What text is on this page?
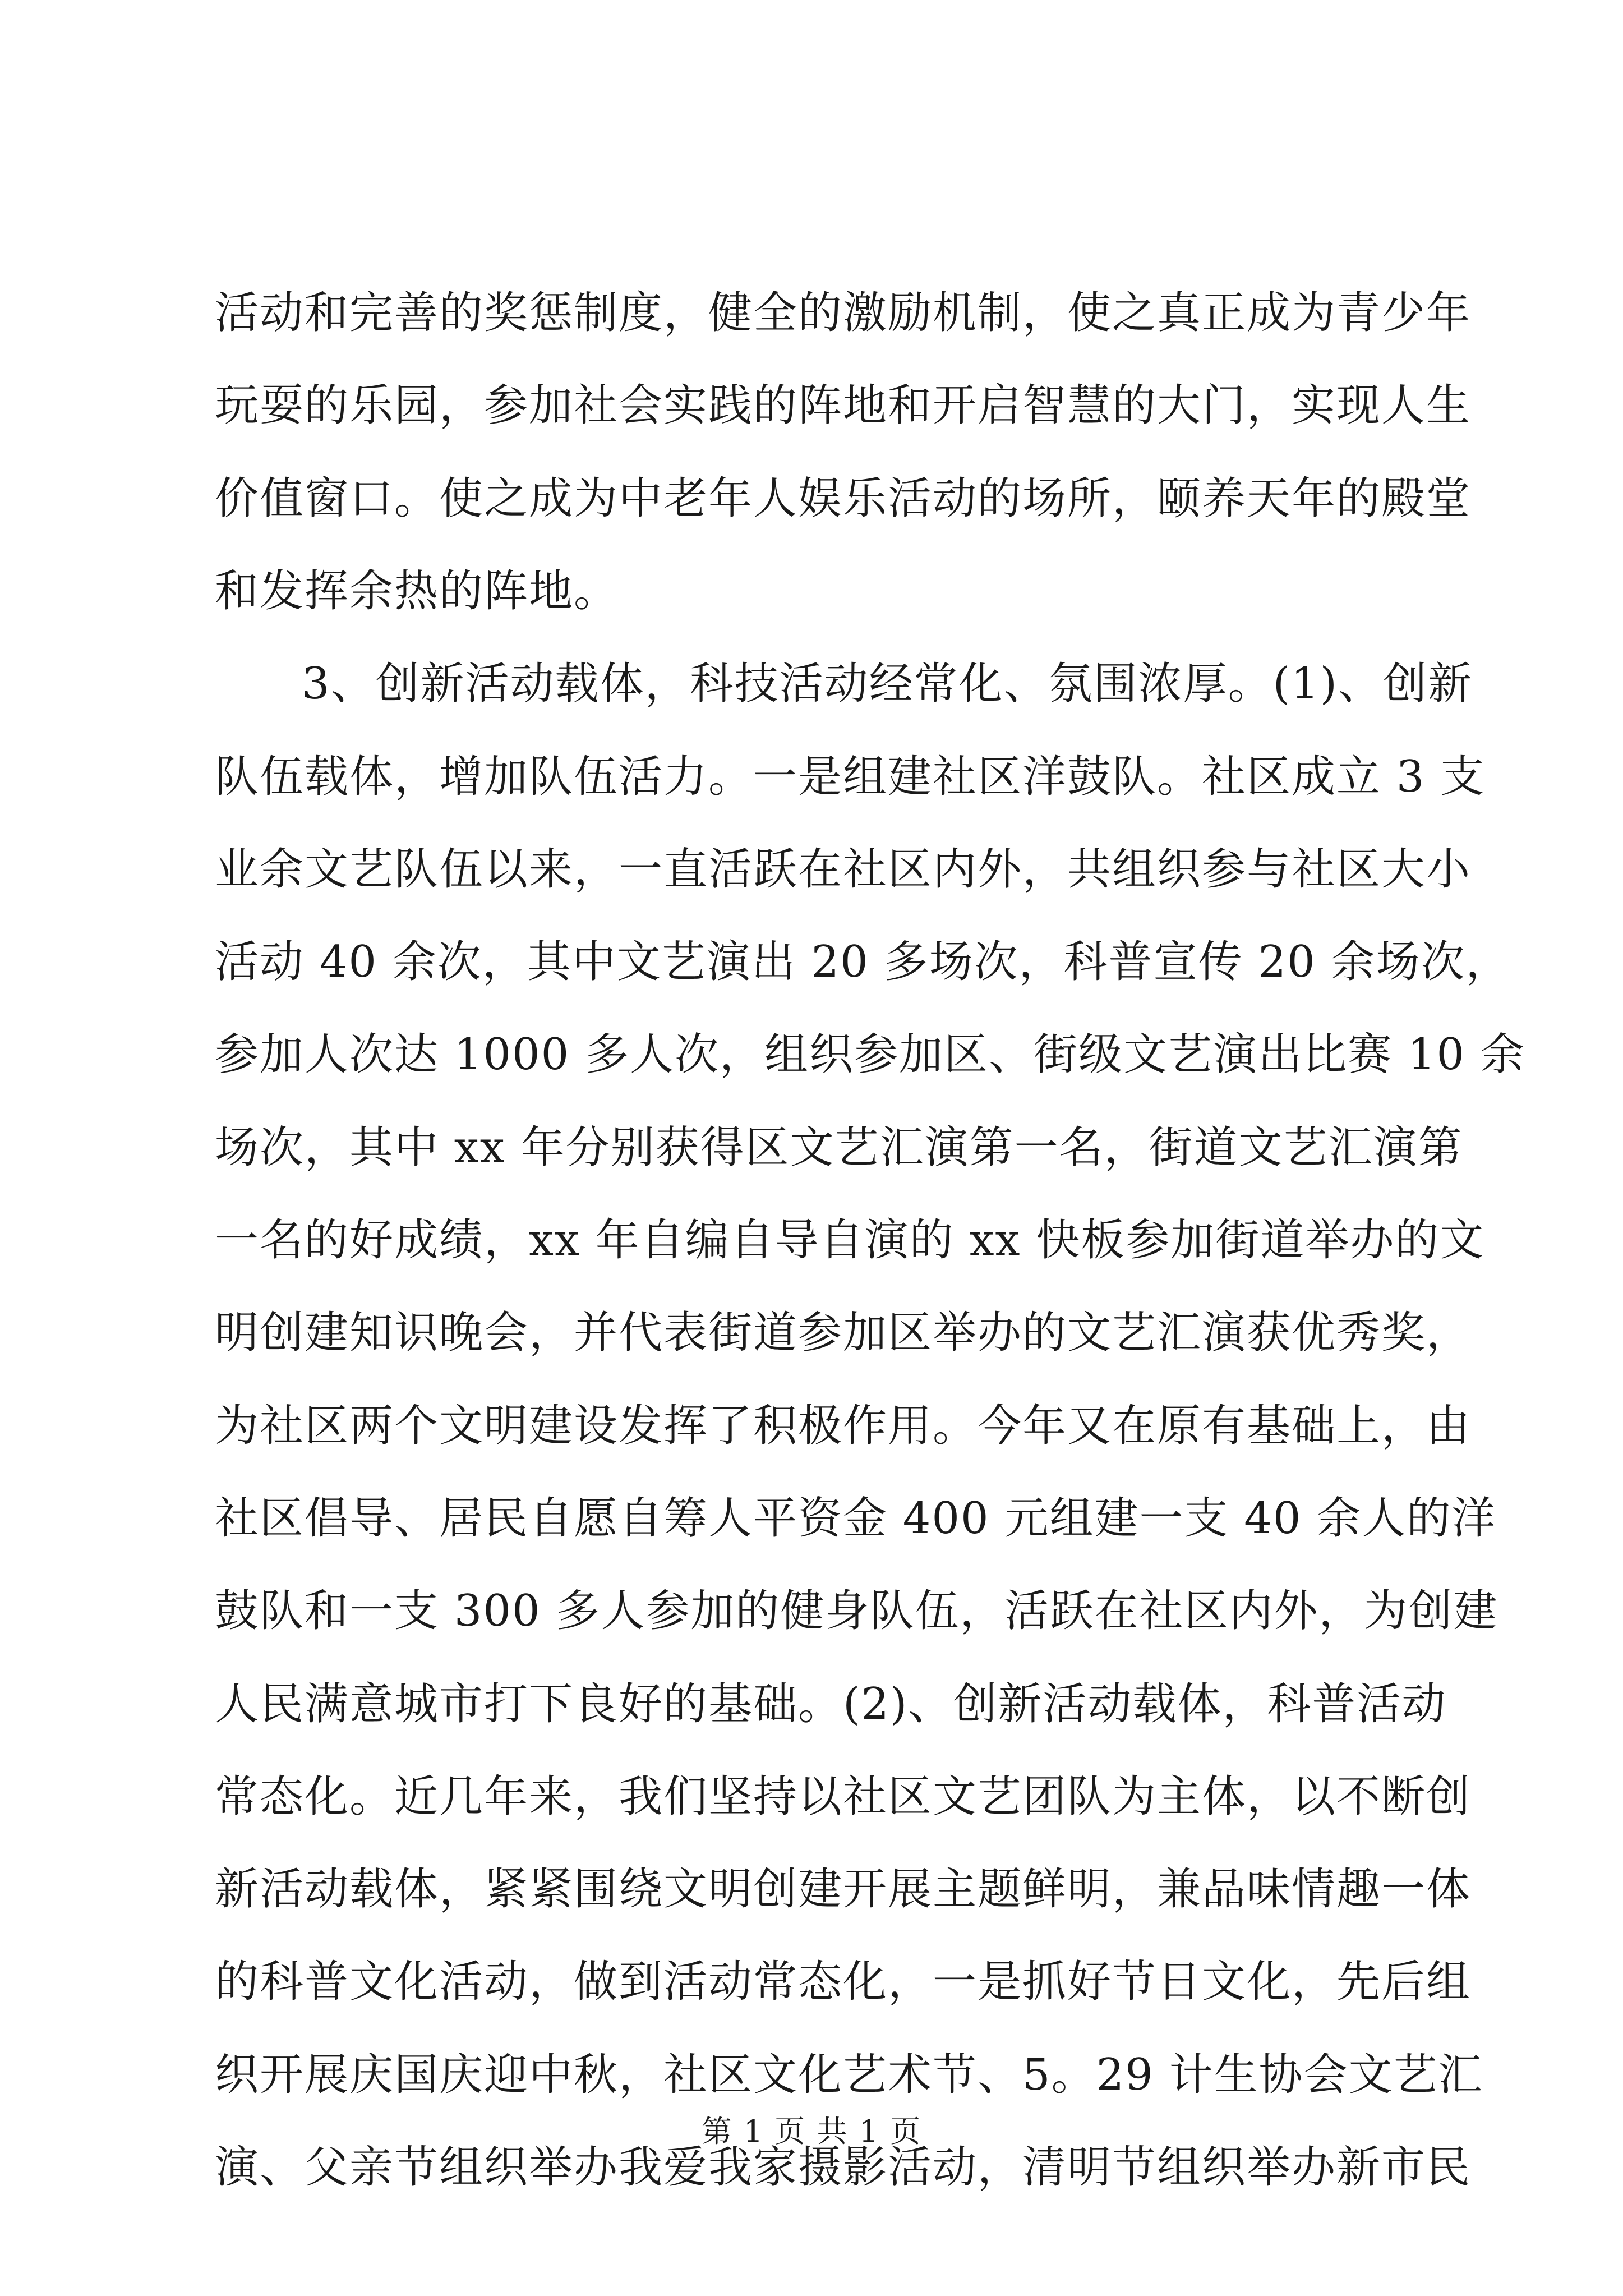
活动和完善的奖惩制度，健全的激励机制，使之真正成为青少年
玩耍的乐园，参加社会实践的阵地和开启智慧的大门，实现人生
价值窗口。使之成为中老年人娱乐活动的场所，颐养天年的殿堂
和发挥余热的阵地。
3、创新活动载体，科技活动经常化、氛围浓厚。(1)、创新
队伍载体，增加队伍活力。一是组建社区洋鼓队。社区成立 3 支
业余文艺队伍以来，一直活跃在社区内外，共组织参与社区大小
活动 40 余次，其中文艺演出 20 多场次，科普宣传 20 余场次，
参加人次达 1000 多人次，组织参加区、街级文艺演出比赛 10 余
场次，其中 xx 年分别获得区文艺汇演第一名，街道文艺汇演第
一名的好成绩，xx 年自编自导自演的 xx 快板参加街道举办的文
明创建知识晚会，并代表街道参加区举办的文艺汇演获优秀奖，
为社区两个文明建设发挥了积极作用。今年又在原有基础上，由
社区倡导、居民自愿自筹人平资金 400 元组建一支 40 余人的洋
鼓队和一支 300 多人参加的健身队伍，活跃在社区内外，为创建
人民满意城市打下良好的基础。(2)、创新活动载体，科普活动
常态化。近几年来，我们坚持以社区文艺团队为主体，以不断创
新活动载体，紧紧围绕文明创建开展主题鲜明，兼品味情趣一体
的科普文化活动，做到活动常态化，一是抓好节日文化，先后组
织开展庆国庆迎中秋，社区文化艺术节、5。29 计生协会文艺汇
演、父亲节组织举办我爱我家摄影活动，清明节组织举办新市民
第 1 页 共 1 页
